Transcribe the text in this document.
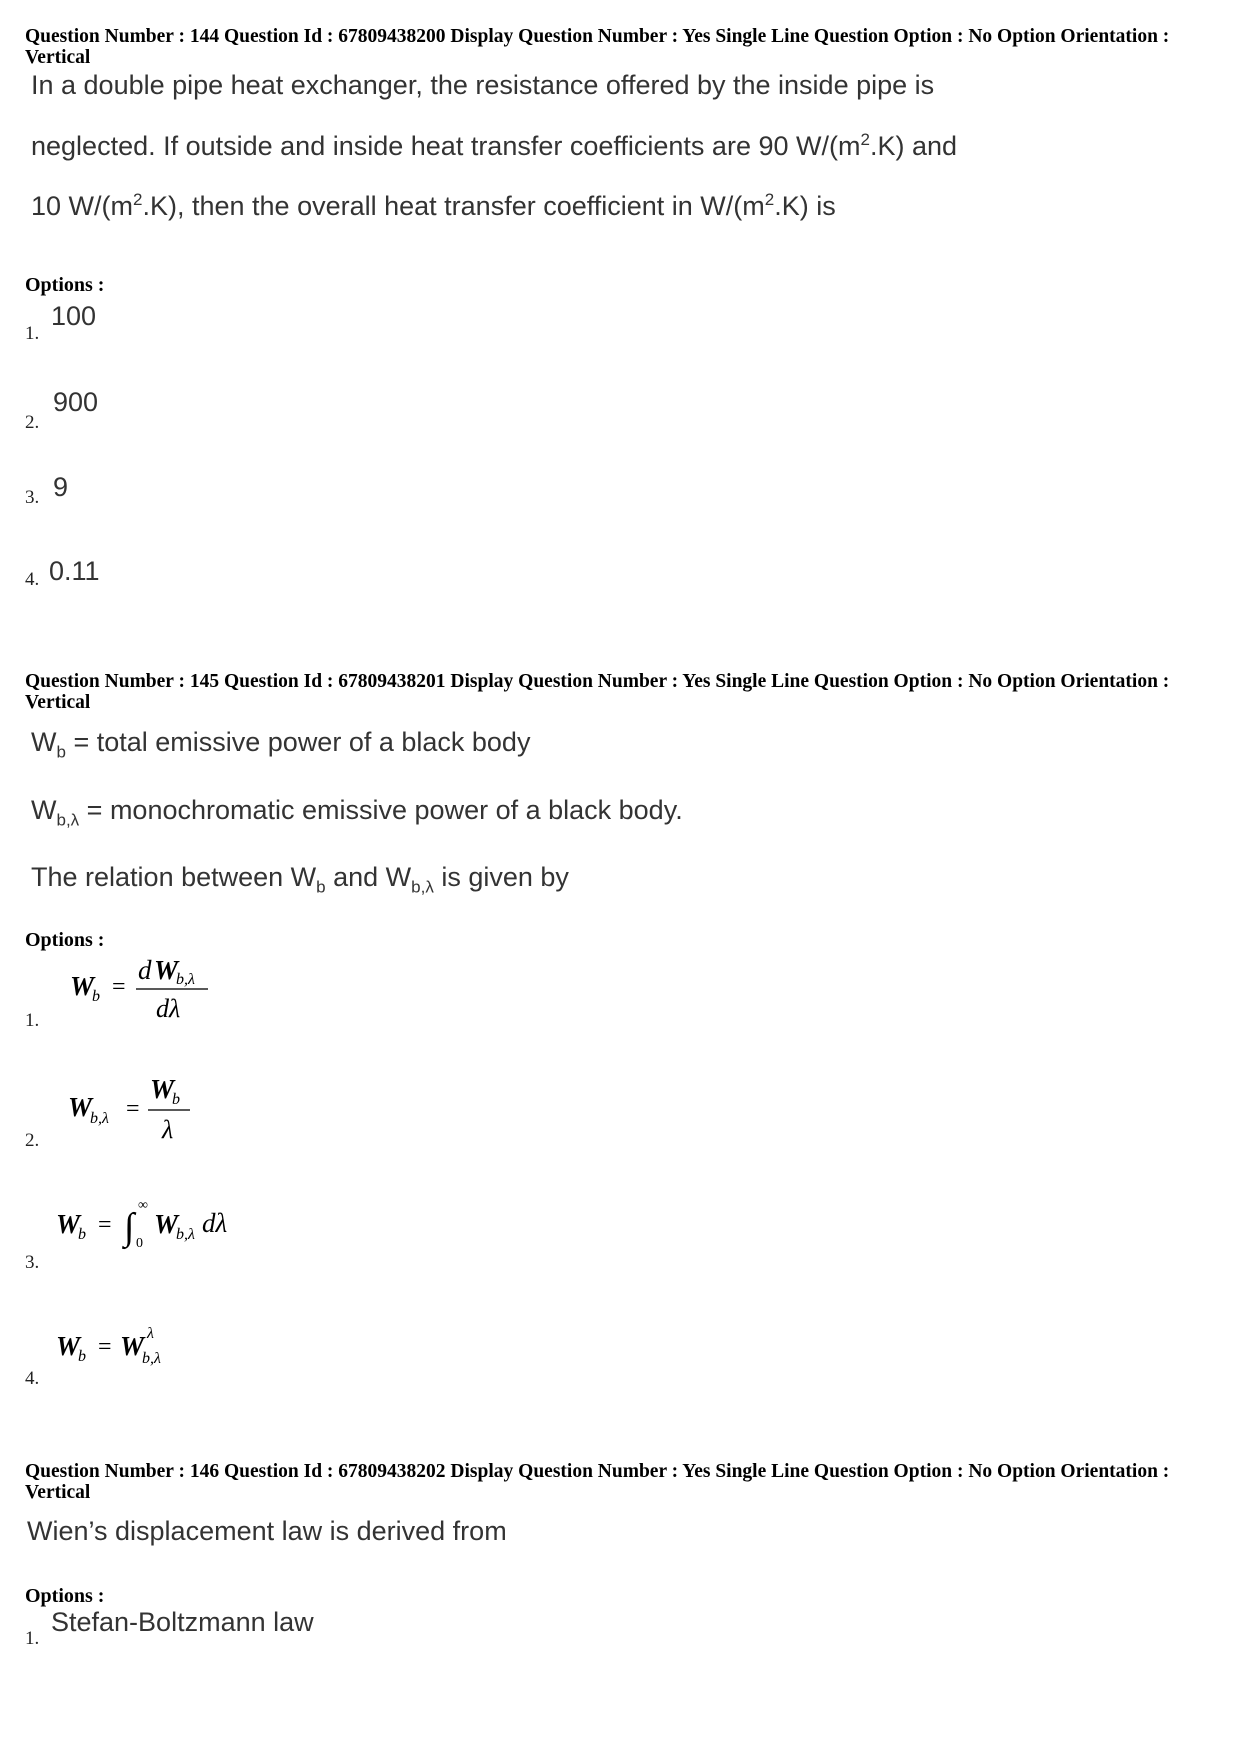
Question Number : 144 Question Id : 67809438200 Display Question Number : Yes Single Line Question Option : No Option Orientation : Vertical
In a double pipe heat exchanger, the resistance offered by the inside pipe is
neglected. If outside and inside heat transfer coefficients are 90 $W/(m^2.K)$ and
10 $W/(m^2.K)$, then the overall heat transfer coefficient in $W/(m^2.K)$ is
Options :
1.
100
2.
900
3. 9
4. 0.11
Question Number : 145 Question Id : 67809438201 Display Question Number : Yes Single Line Question Option : No Option Orientation : Vertical
$W_b$ = total emissive power of a black body
$W_{b,\lambda}$ = monochromatic emissive power of a black body.
The relation between $W_b$ and $W_{b,\lambda}$ is given by
Options :
1.
W
b =
d W
b,λ
dλ
2.
W
b,λ =
W
b
λ
3.
W
b = ∫
∞
0
W
b,λ dλ
4.
W
b = W λ
b,λ
Question Number : 146 Question Id : 67809438202 Display Question Number : Yes Single Line Question Option : No Option Orientation : Vertical
Wien’s displacement law is derived from
Options :
1.
Stefan-Boltzmann law
